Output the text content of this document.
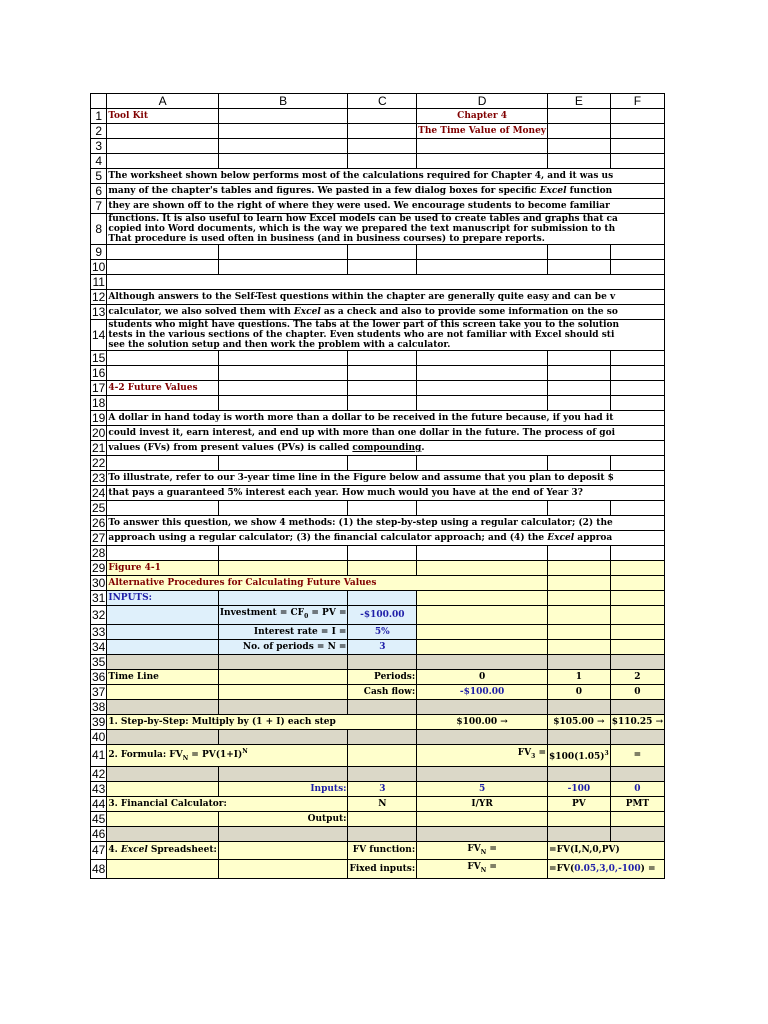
	A	B	C	D	E	F
1	Tool Kit			Chapter 4		
2				The Time Value of Money		
3						
4						
5	The worksheet shown below performs most of the calculations required for Chapter 4, and it was us					
6	many of the chapter's tables and figures. We pasted in a few dialog boxes for specific Excel function					
7	they are shown off to the right of where they were used. We encourage students to become familiar					
8	functions. It is also useful to learn how Excel models can be used to create tables and graphs that ca
copied into Word documents, which is the way we prepared the text manuscript for submission to th
That procedure is used often in business (and in business courses) to prepare reports.					
9						
10						
11						
12	Although answers to the Self-Test questions within the chapter are generally quite easy and can be v					
13	calculator, we also solved them with Excel as a check and also to provide some information on the so					
14	students who might have questions. The tabs at the lower part of this screen take you to the solution
tests in the various sections of the chapter. Even students who are not familiar with Excel should sti
see the solution setup and then work the problem with a calculator.					
15						
16						
17	4-2 Future Values					
18						
19	A dollar in hand today is worth more than a dollar to be received in the future because, if you had it					
20	could invest it, earn interest, and end up with more than one dollar in the future. The process of goi					
21	values (FVs) from present values (PVs) is called compounding.					
22						
23	To illustrate, refer to our 3-year time line in the Figure below and assume that you plan to deposit $					
24	that pays a guaranteed 5% interest each year. How much would you have at the end of Year 3?					
25						
26	To answer this question, we show 4 methods: (1) the step-by-step using a regular calculator; (2) the					
27	approach using a regular calculator; (3) the financial calculator approach; and (4) the Excel approa					
28						
29	Figure 4-1					
30	Alternative Procedures for Calculating Future Values					
31	INPUTS:					
32		Investment = $CF_0$ = PV =	-$100.00			
33		Interest rate = I =	5%			
34		No. of periods = N =	3			
35						
36	Time Line		Periods:	0	1	2
37			Cash flow:	-$100.00	0	0
38						
39	1. Step-by-Step: Multiply by (1 + I) each step			$100.00 →	$105.00 →	$110.25 →
40						
41	2. Formula: $FV_N = PV(1+I)^N$			$FV_3$ =	$\$100(1.05)^3$	=
42						
43		Inputs:	3	5	-100	0
44	3. Financial Calculator:		N	I/YR	PV	PMT
45		Output:				
46						
47	4. Excel Spreadsheet:		FV function:	$FV_N$ =	=FV(I,N,0,PV)	
48			Fixed inputs:	$FV_N$ =	=FV(0.05,3,0,-100) =	
